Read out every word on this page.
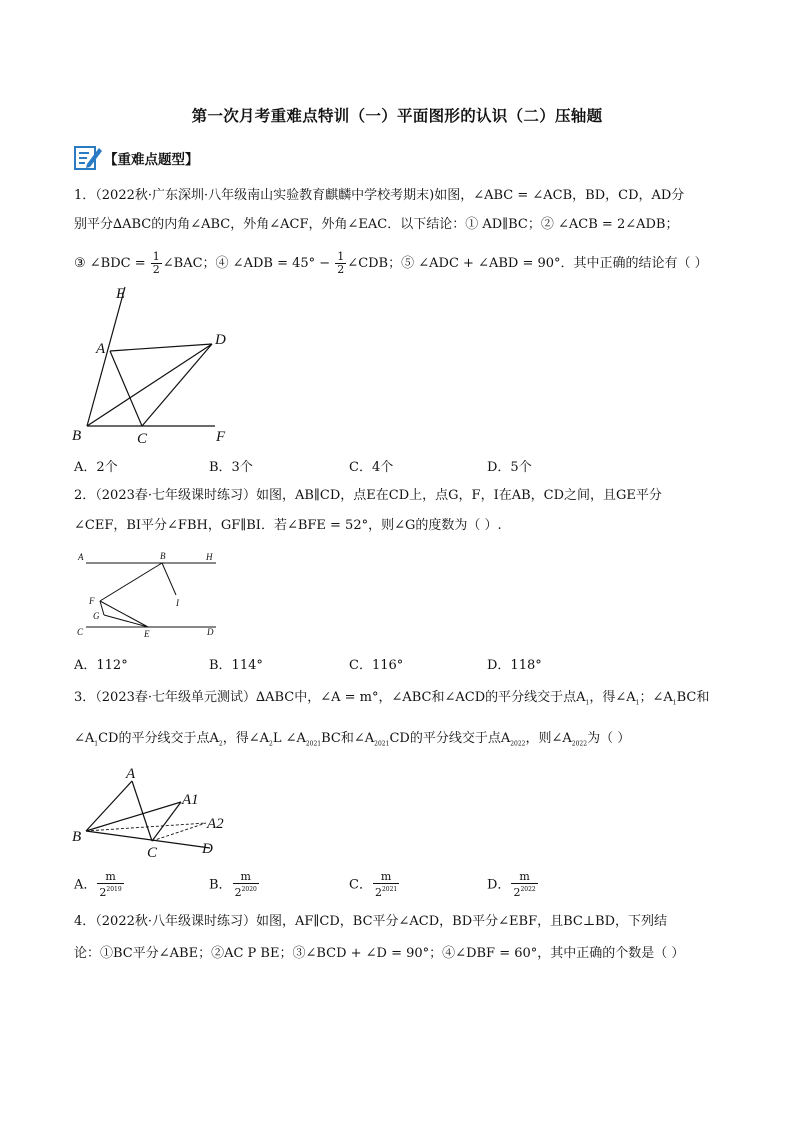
第一次月考重难点特训（一）平面图形的认识（二）压轴题
【重难点题型】
1．（2022秋·广东深圳·八年级南山实验教育麒麟中学校考期末)如图，∠ABC = ∠ACB，BD，CD，AD分
别平分∆ABC的内角∠ABC，外角∠ACF，外角∠EAC．以下结论：① AD∥BC；② ∠ACB = 2∠ADB；
③ ∠BDC = $\frac{1}{2}$ ∠BAC；④ ∠ADB = $45^\circ - \frac{1}{2}$ ∠CDB；⑤ ∠ADC + ∠ABD = 90°．其中正确的结论有（ ）
E
A
D
B	C	F
A．2个	B．3个	C．4个	D．5个
2．（2023春·七年级课时练习）如图，AB∥CD，点E在CD上，点G，F，I在AB，CD之间，且GE平分
∠CEF，BI平分∠FBH，GF∥BI．若∠BFE = 52°，则∠G的度数为（ ）.
A	B	H
F	I
G
C	E	D
A．112°	B．114°	C．116°	D．118°
3．（2023春·七年级单元测试）∆ABC中，∠A = m°，∠ABC和∠ACD的平分线交于点$A_1$，得$\angle A_1$；$\angle A_1BC$和
$\angle A_1CD$的平分线交于点$A_2$，得$\angle A_2L$ $\angle A_{2021}BC$和$\angle A_{2021}CD$的平分线交于点$A_{2022}$，则$\angle A_{2022}$为（ ）
A
A1
A2
B
C	D
A． $\frac{m}{2^{2019}}$	B． $\frac{m}{2^{2020}}$	C． $\frac{m}{2^{2021}}$	D． $\frac{m}{2^{2022}}$
4．（2022秋·八年级课时练习）如图，AF∥CD，BC平分∠ACD，BD平分∠EBF，且BC⊥BD，下列结
论：①BC平分∠ABE；②AC P BE；③∠BCD + ∠D = 90°；④∠DBF = 60°，其中正确的个数是（ ）
